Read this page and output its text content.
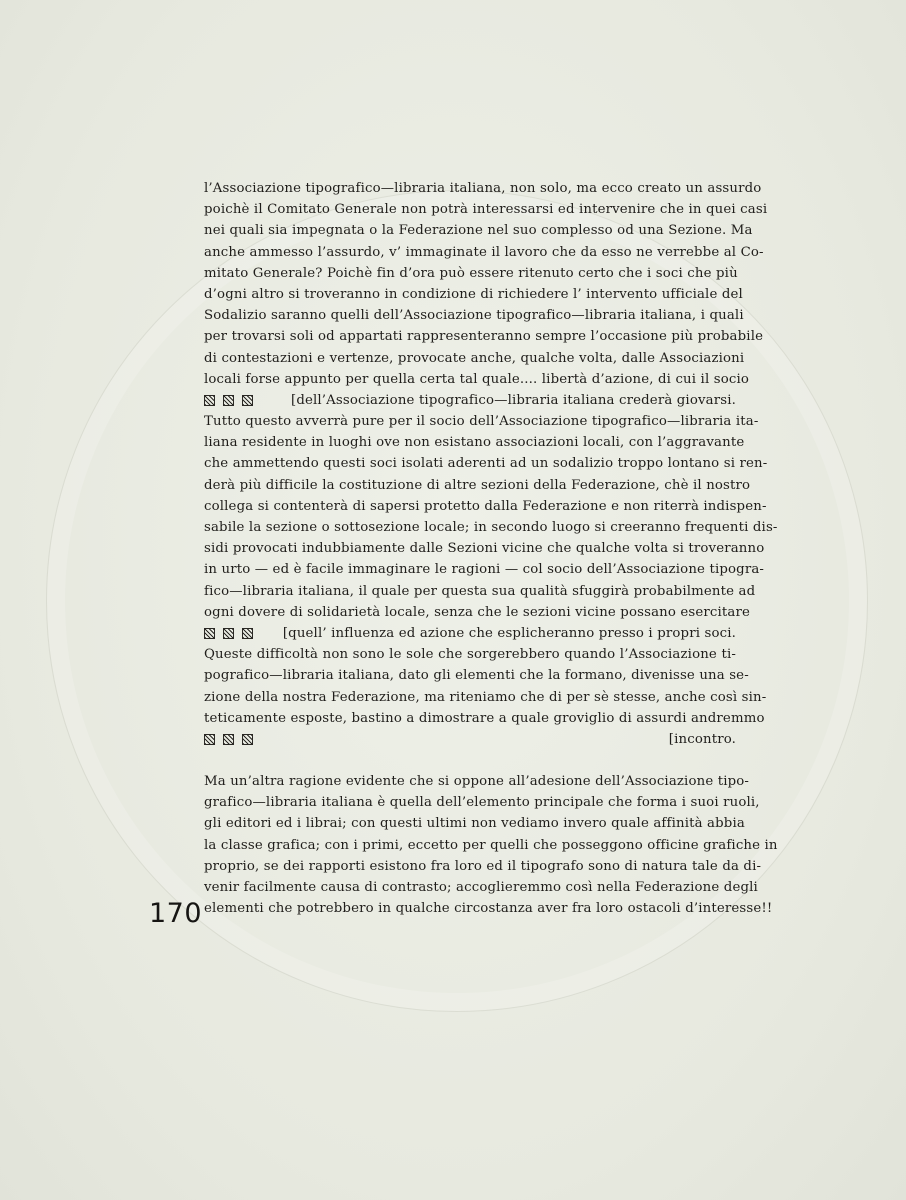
l’Associazione tipografico—libraria italiana, non solo, ma ecco creato un assurdo
poichè il Comitato Generale non potrà interessarsi ed intervenire che in quei casi
nei quali sia impegnata o la Federazione nel suo complesso od una Sezione. Ma
anche ammesso l’assurdo, v’ immaginate il lavoro che da esso ne verrebbe al Co-
mitato Generale? Poichè fin d’ora può essere ritenuto certo che i soci che più
d’ogni altro si troveranno in condizione di richiedere l’ intervento ufficiale del
Sodalizio saranno quelli dell’Associazione tipografico—libraria italiana, i quali
per trovarsi soli od appartati rappresenteranno sempre l’occasione più probabile
di contestazioni e vertenze, provocate anche, qualche volta, dalle Associazioni
locali forse appunto per quella certa tal quale.... libertà d’azione, di cui il socio
[dell’Associazione tipografico—libraria italiana crederà giovarsi.
Tutto questo avverrà pure per il socio dell’Associazione tipografico—libraria ita-
liana residente in luoghi ove non esistano associazioni locali, con l’aggravante
che ammettendo questi soci isolati aderenti ad un sodalizio troppo lontano si ren-
derà più difficile la costituzione di altre sezioni della Federazione, chè il nostro
collega si contenterà di sapersi protetto dalla Federazione e non riterrà indispen-
sabile la sezione o sottosezione locale; in secondo luogo si creeranno frequenti dis-
sidi provocati indubbiamente dalle Sezioni vicine che qualche volta si troveranno
in urto — ed è facile immaginare le ragioni — col socio dell’Associazione tipogra-
fico—libraria italiana, il quale per questa sua qualità sfuggirà probabilmente ad
ogni dovere di solidarietà locale, senza che le sezioni vicine possano esercitare
[quell’ influenza ed azione che esplicheranno presso i propri soci.
Queste difficoltà non sono le sole che sorgerebbero quando l’Associazione ti-
pografico—libraria italiana, dato gli elementi che la formano, divenisse una se-
zione della nostra Federazione, ma riteniamo che di per sè stesse, anche così sin-
teticamente esposte, bastino a dimostrare a quale groviglio di assurdi andremmo
[incontro.
Ma un’altra ragione evidente che si oppone all’adesione dell’Associazione tipo-
grafico—libraria italiana è quella dell’elemento principale che forma i suoi ruoli,
gli editori ed i librai; con questi ultimi non vediamo invero quale affinità abbia
la classe grafica; con i primi, eccetto per quelli che posseggono officine grafiche in
proprio, se dei rapporti esistono fra loro ed il tipografo sono di natura tale da di-
venir facilmente causa di contrasto; accoglieremmo così nella Federazione degli
elementi che potrebbero in qualche circostanza aver fra loro ostacoli d’interesse!!
170
